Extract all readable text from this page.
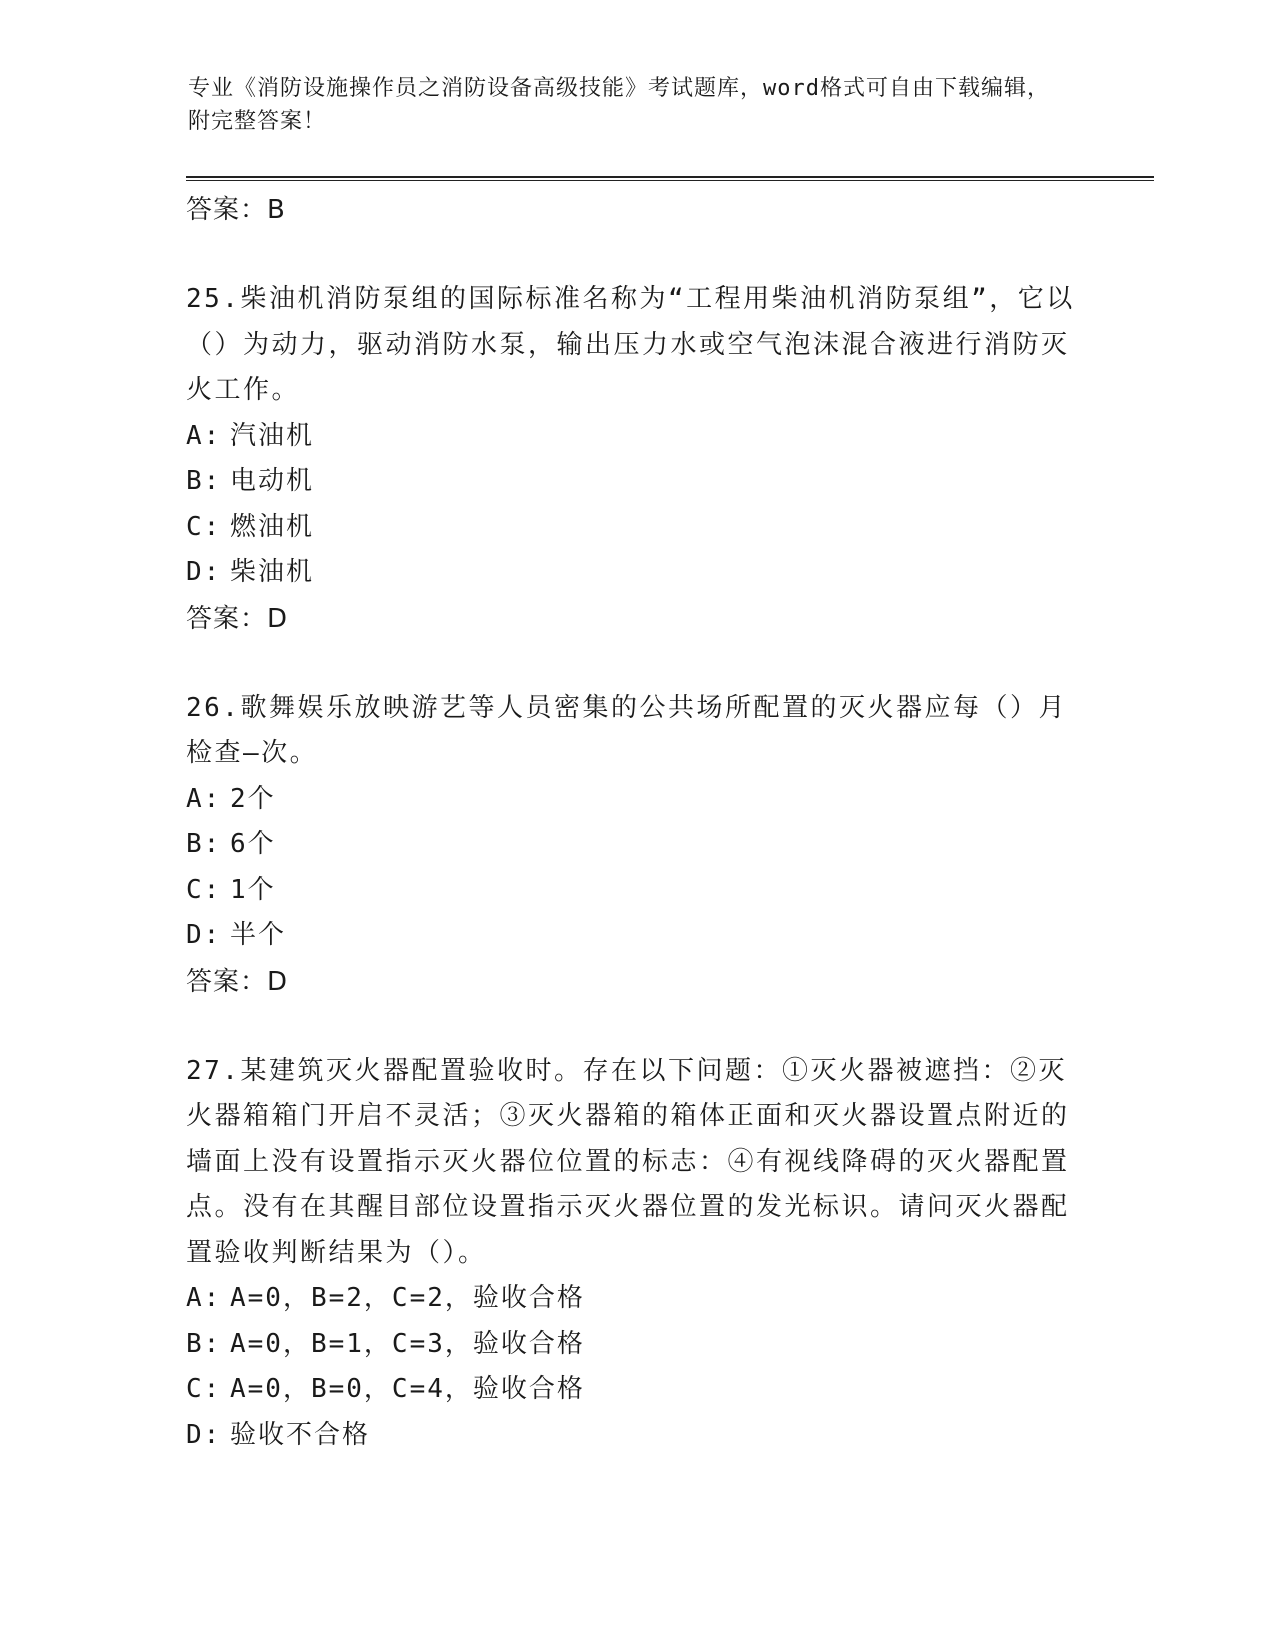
专业《消防设施操作员之消防设备高级技能》考试题库，word格式可自由下载编辑，附完整答案！
答案：B

25.柴油机消防泵组的国际标准名称为“工程用柴油机消防泵组”，它以（）为动力，驱动消防水泵，输出压力水或空气泡沫混合液进行消防灭火工作。

A: 汽油机
B: 电动机
C: 燃油机
D: 柴油机
答案：D

26.歌舞娱乐放映游艺等人员密集的公共场所配置的灭火器应每（）月检查—次。

A: 2个
B: 6个
C: 1个
D: 半个
答案：D

27.某建筑灭火器配置验收时。存在以下问题：①灭火器被遮挡：②灭火器箱箱门开启不灵活；③灭火器箱的箱体正面和灭火器设置点附近的墙面上没有设置指示灭火器位位置的标志：④有视线降碍的灭火器配置点。没有在其醒目部位设置指示灭火器位置的发光标识。请问灭火器配置验收判断结果为（）。

A: A=0，B=2，C=2，验收合格
B: A=0，B=1，C=3，验收合格
C: A=0，B=0，C=4，验收合格
D: 验收不合格
